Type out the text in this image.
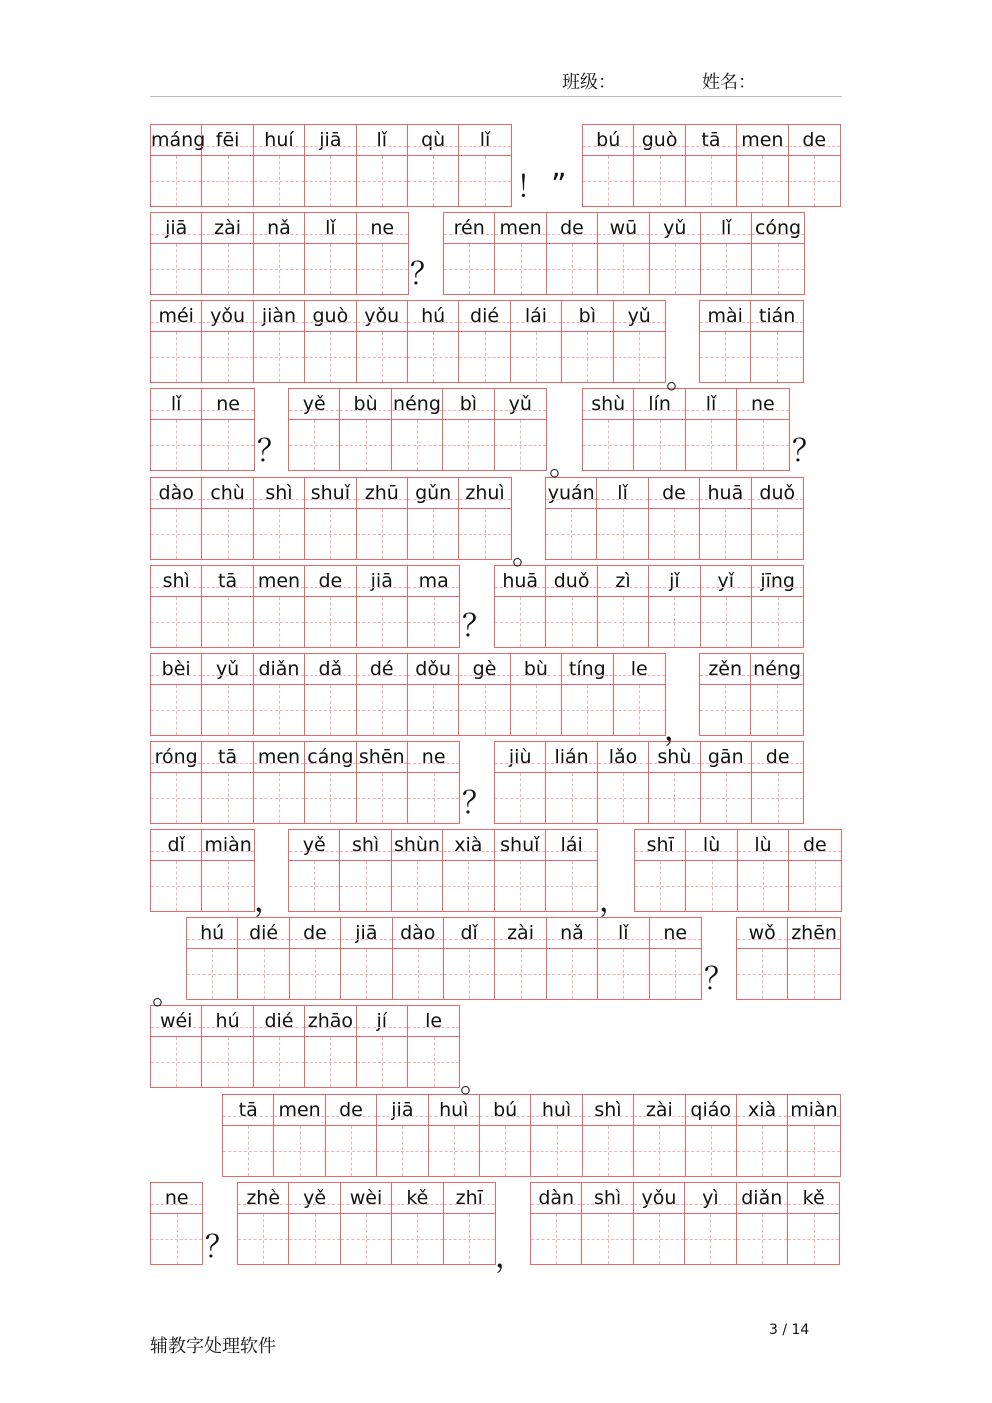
班级：	姓名：
máng fēi	huí	jiā	lǐ	qù	lǐ	bú	guò	tā	men de
jiā	zài	nǎ	lǐ	ne	rén men de	wū	yǔ	lǐ	cóng
méi yǒu jiàn guò yǒu	hú	dié	lái	bì	yǔ	mài tián
lǐ	ne	yě	bù néng bì	yǔ	shù	lín	lǐ	ne
dào chù	shì shuǐ zhū gǔn zhuì	yuán	lǐ	de	huā duǒ
shì	tā	men de	jiā	ma	huā duǒ	zì	jǐ	yǐ	jīng
bèi	yǔ	diǎn	dǎ	dé	dǒu	gè	bù	tíng	le	zěn néng
róng	tā	men cáng shēn ne	jiù	lián	lǎo	shù gān	de
dǐ	miàn	yě	shì shùn xià shuǐ	lái	shī	lù	lù	de
hú	dié	de	jiā	dào	dǐ	zài	nǎ	lǐ	ne	wǒ zhēn
wéi	hú	dié zhāo	jí	le
tā	men de	jiā	huì	bú	huì	shì	zài qiáo xià miàn
ne	zhè	yě	wèi	kě	zhī	dàn	shì	yǒu	yì	diǎn	kě
！ ”
？
。
？	。	？
。
？
，
？
，	，
。	？
。
？	，
辅教字处理软件
3 / 14
